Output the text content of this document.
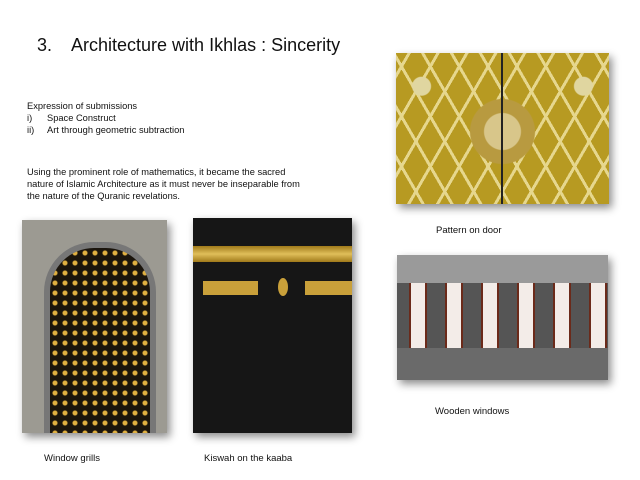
3.    Architecture with Ikhlas : Sincerity
Expression of submissions
i) Space Construct
ii) Art through geometric subtraction
Using the prominent role of mathematics, it became the sacred
nature of Islamic Architecture as it must never be inseparable from
the nature of the Quranic revelations.
Pattern on door
Wooden windows
Window grills	Kiswah on the kaaba
